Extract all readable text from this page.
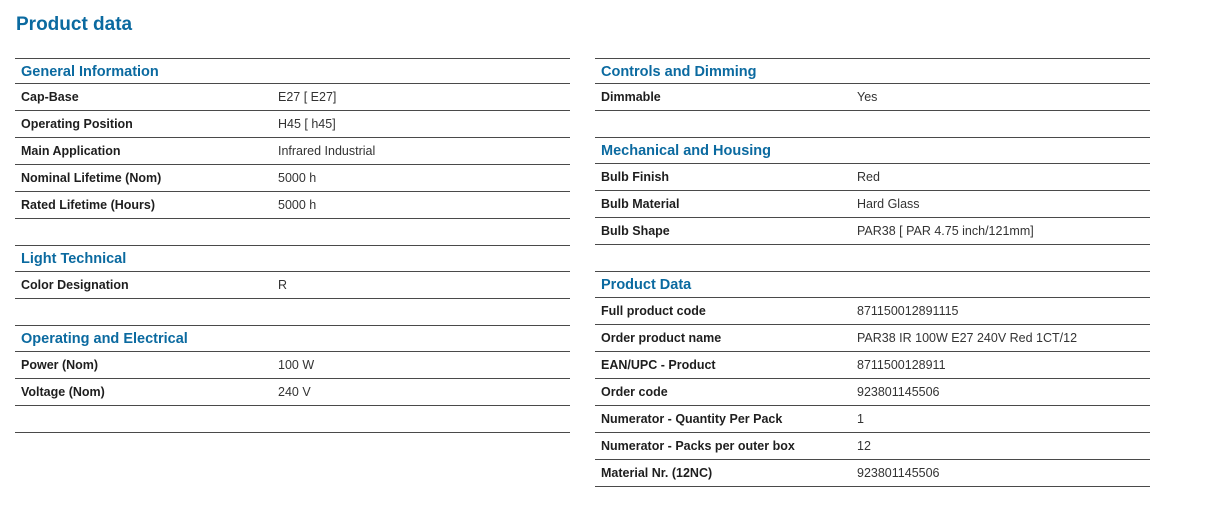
Product data
General Information
Cap-Base	E27 [ E27]
Operating Position	H45 [ h45]
Main Application	Infrared Industrial
Nominal Lifetime (Nom)	5000 h
Rated Lifetime (Hours)	5000 h
Light Technical
Color Designation	R
Operating and Electrical
Power (Nom)	100 W
Voltage (Nom)	240 V
Controls and Dimming
Dimmable	Yes
Mechanical and Housing
Bulb Finish	Red
Bulb Material	Hard Glass
Bulb Shape	PAR38 [ PAR 4.75 inch/121mm]
Product Data
Full product code	871150012891115
Order product name	PAR38 IR 100W E27 240V Red 1CT/12
EAN/UPC - Product	8711500128911
Order code	923801145506
Numerator - Quantity Per Pack	1
Numerator - Packs per outer box	12
Material Nr. (12NC)	923801145506
